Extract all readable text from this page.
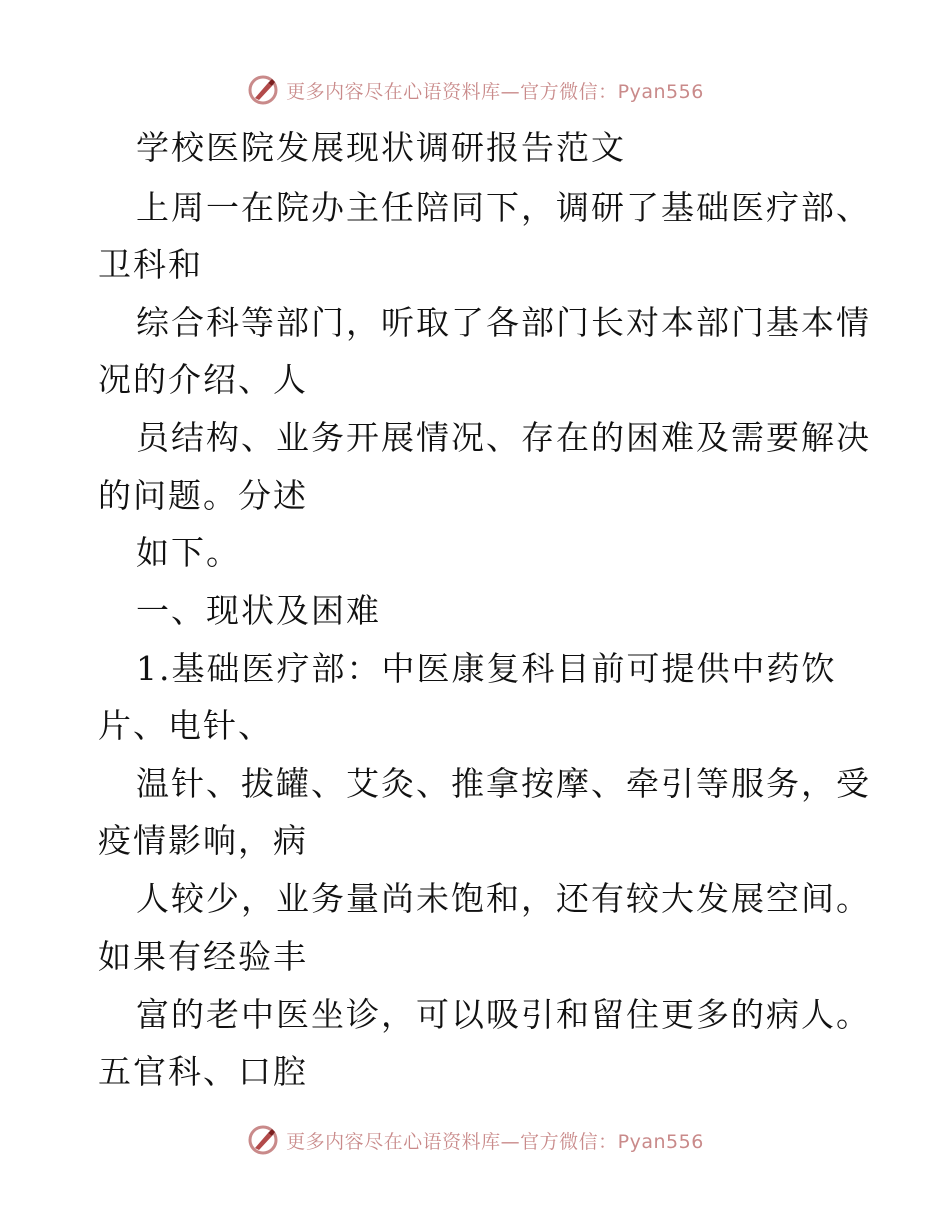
更多内容尽在心语资料库—官方微信：Pyan556
学校医院发展现状调研报告范文
上周一在院办主任陪同下，调研了基础医疗部、
卫科和
综合科等部门，听取了各部门长对本部门基本情
况的介绍、人
员结构、业务开展情况、存在的困难及需要解决
的问题。分述
如下。
一、现状及困难
1.基础医疗部：中医康复科目前可提供中药饮
片、电针、
温针、拔罐、艾灸、推拿按摩、牵引等服务，受
疫情影响，病
人较少，业务量尚未饱和，还有较大发展空间。
如果有经验丰
富的老中医坐诊，可以吸引和留住更多的病人。
五官科、口腔
更多内容尽在心语资料库—官方微信：Pyan556
